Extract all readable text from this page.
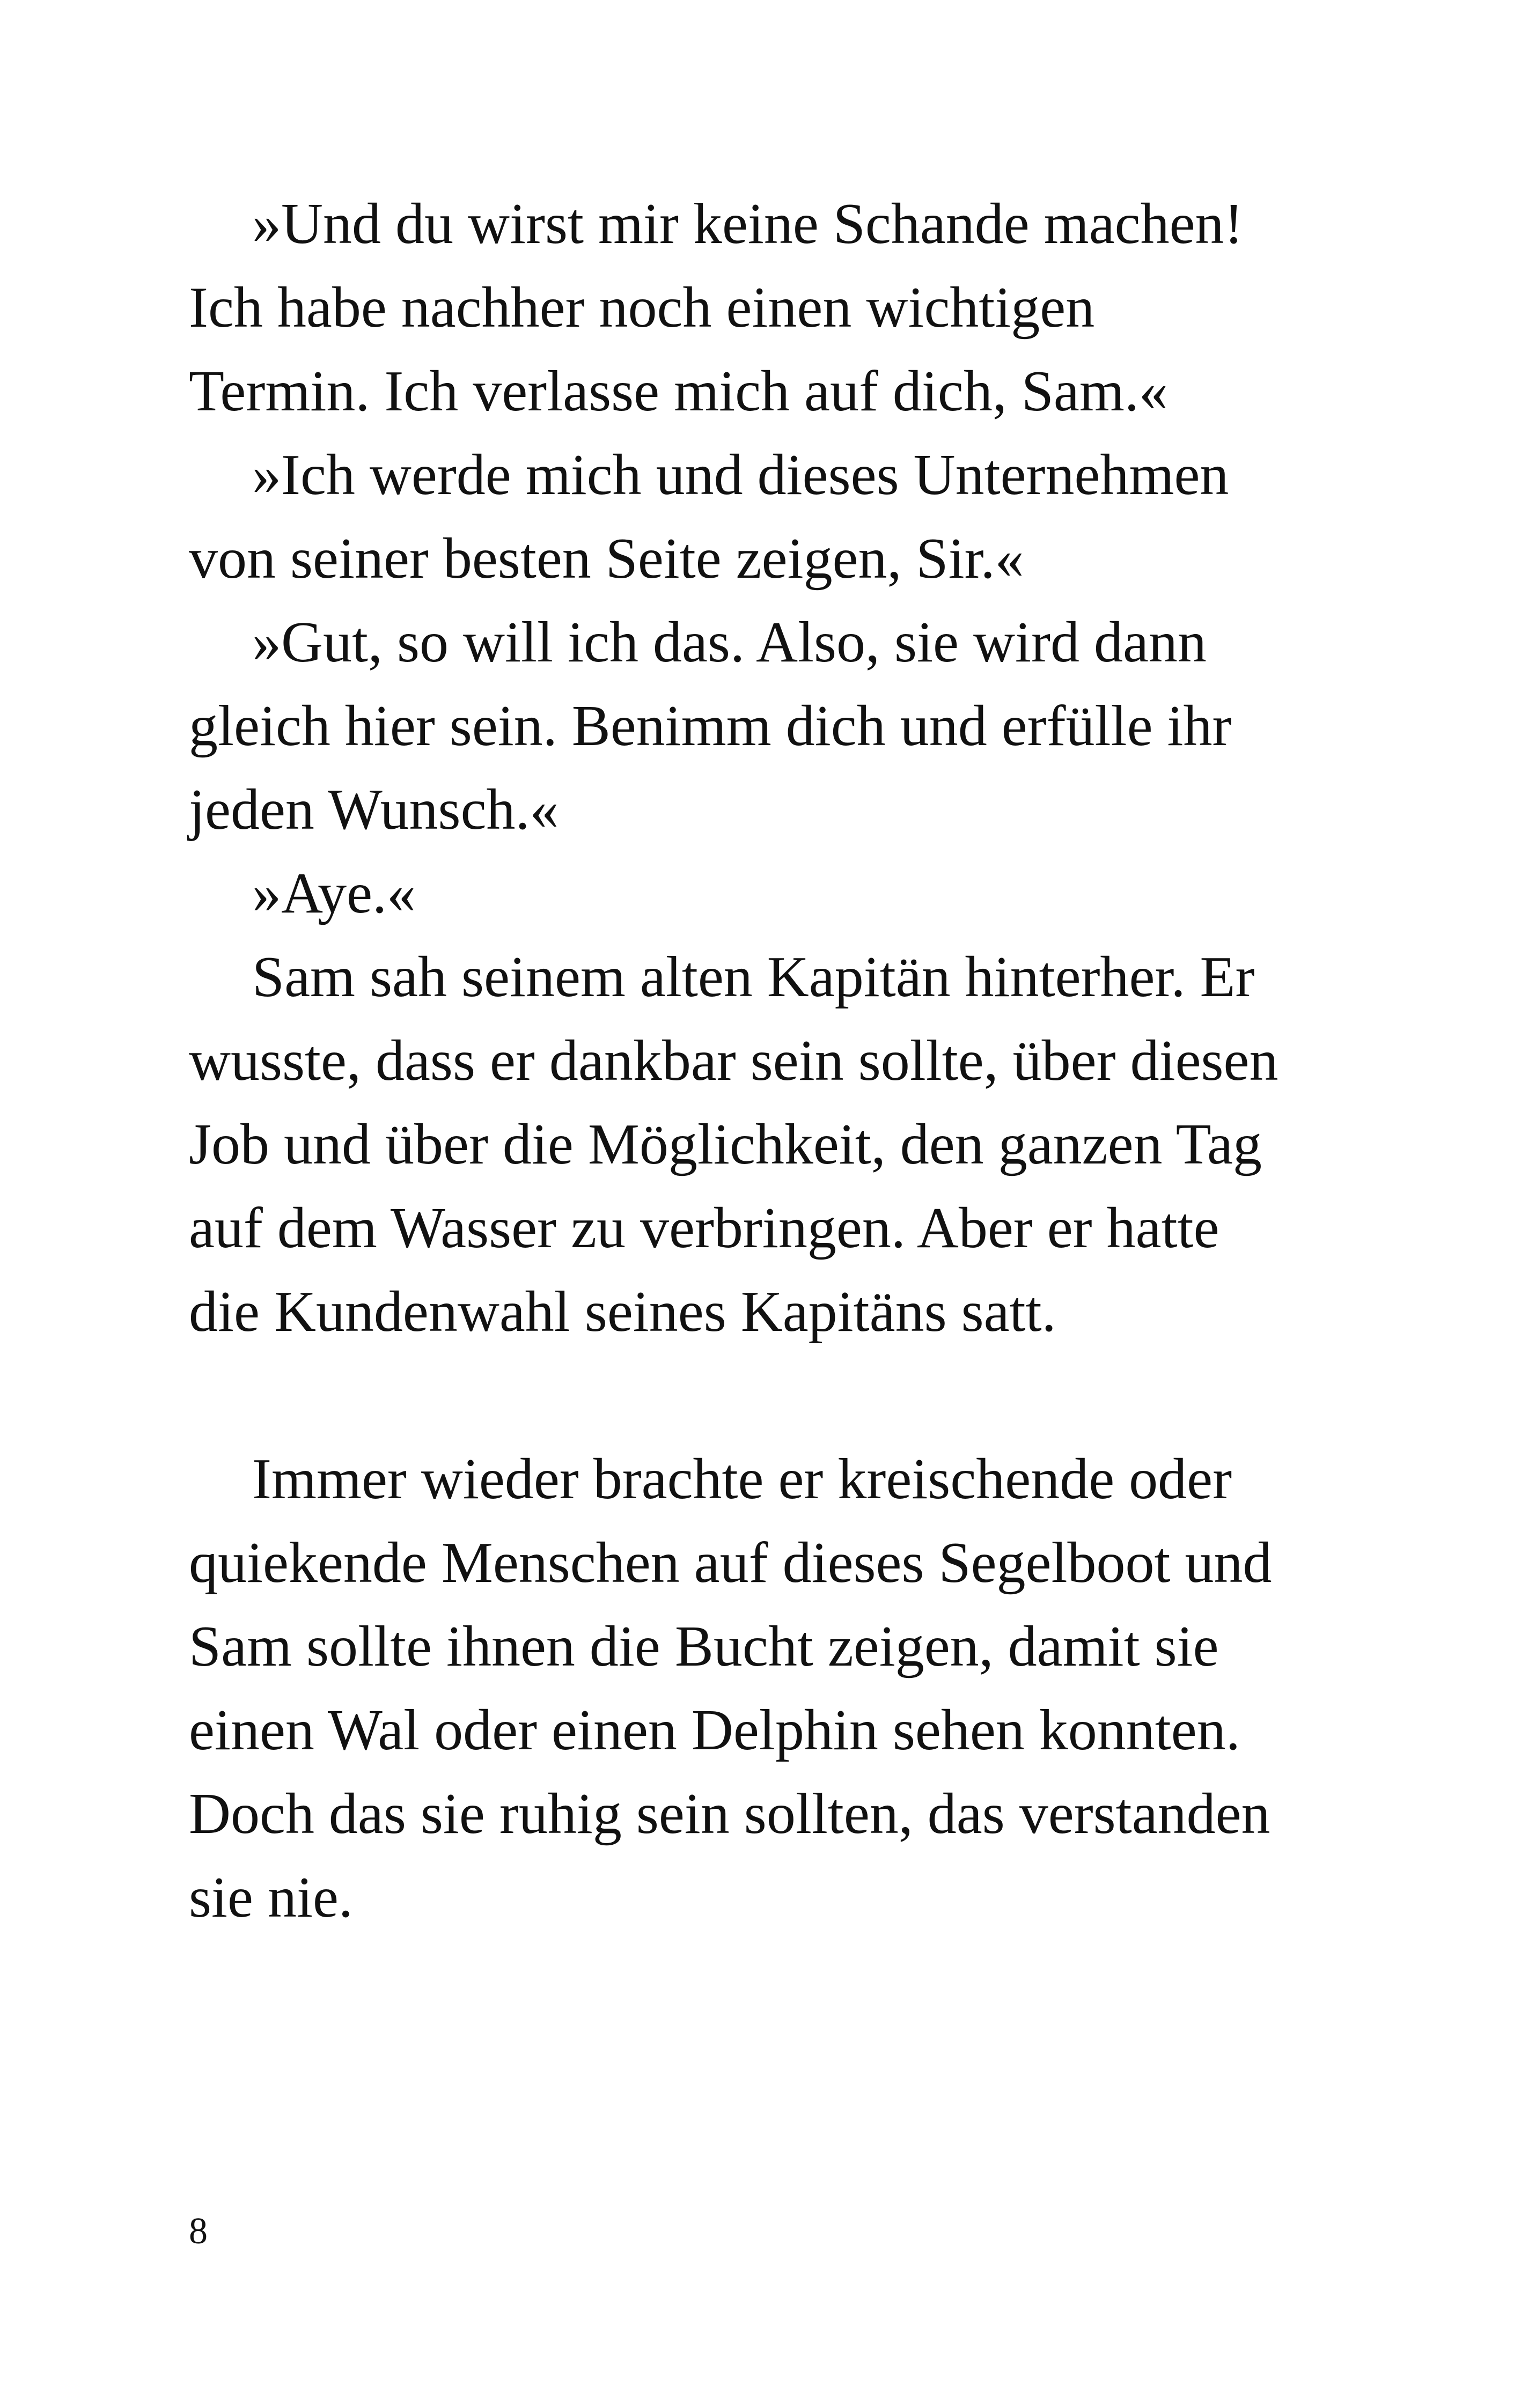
»Und du wirst mir keine Schande machen!
Ich habe nachher noch einen wichtigen
Termin. Ich verlasse mich auf dich, Sam.«

»Ich werde mich und dieses Unternehmen
von seiner besten Seite zeigen, Sir.«

»Gut, so will ich das. Also, sie wird dann
gleich hier sein. Benimm dich und erfülle ihr
jeden Wunsch.«

»Aye.«

Sam sah seinem alten Kapitän hinterher. Er
wusste, dass er dankbar sein sollte, über diesen
Job und über die Möglichkeit, den ganzen Tag
auf dem Wasser zu verbringen. Aber er hatte
die Kundenwahl seines Kapitäns satt.

Immer wieder brachte er kreischende oder
quiekende Menschen auf dieses Segelboot und
Sam sollte ihnen die Bucht zeigen, damit sie
einen Wal oder einen Delphin sehen konnten.
Doch das sie ruhig sein sollten, das verstanden
sie nie.

8
